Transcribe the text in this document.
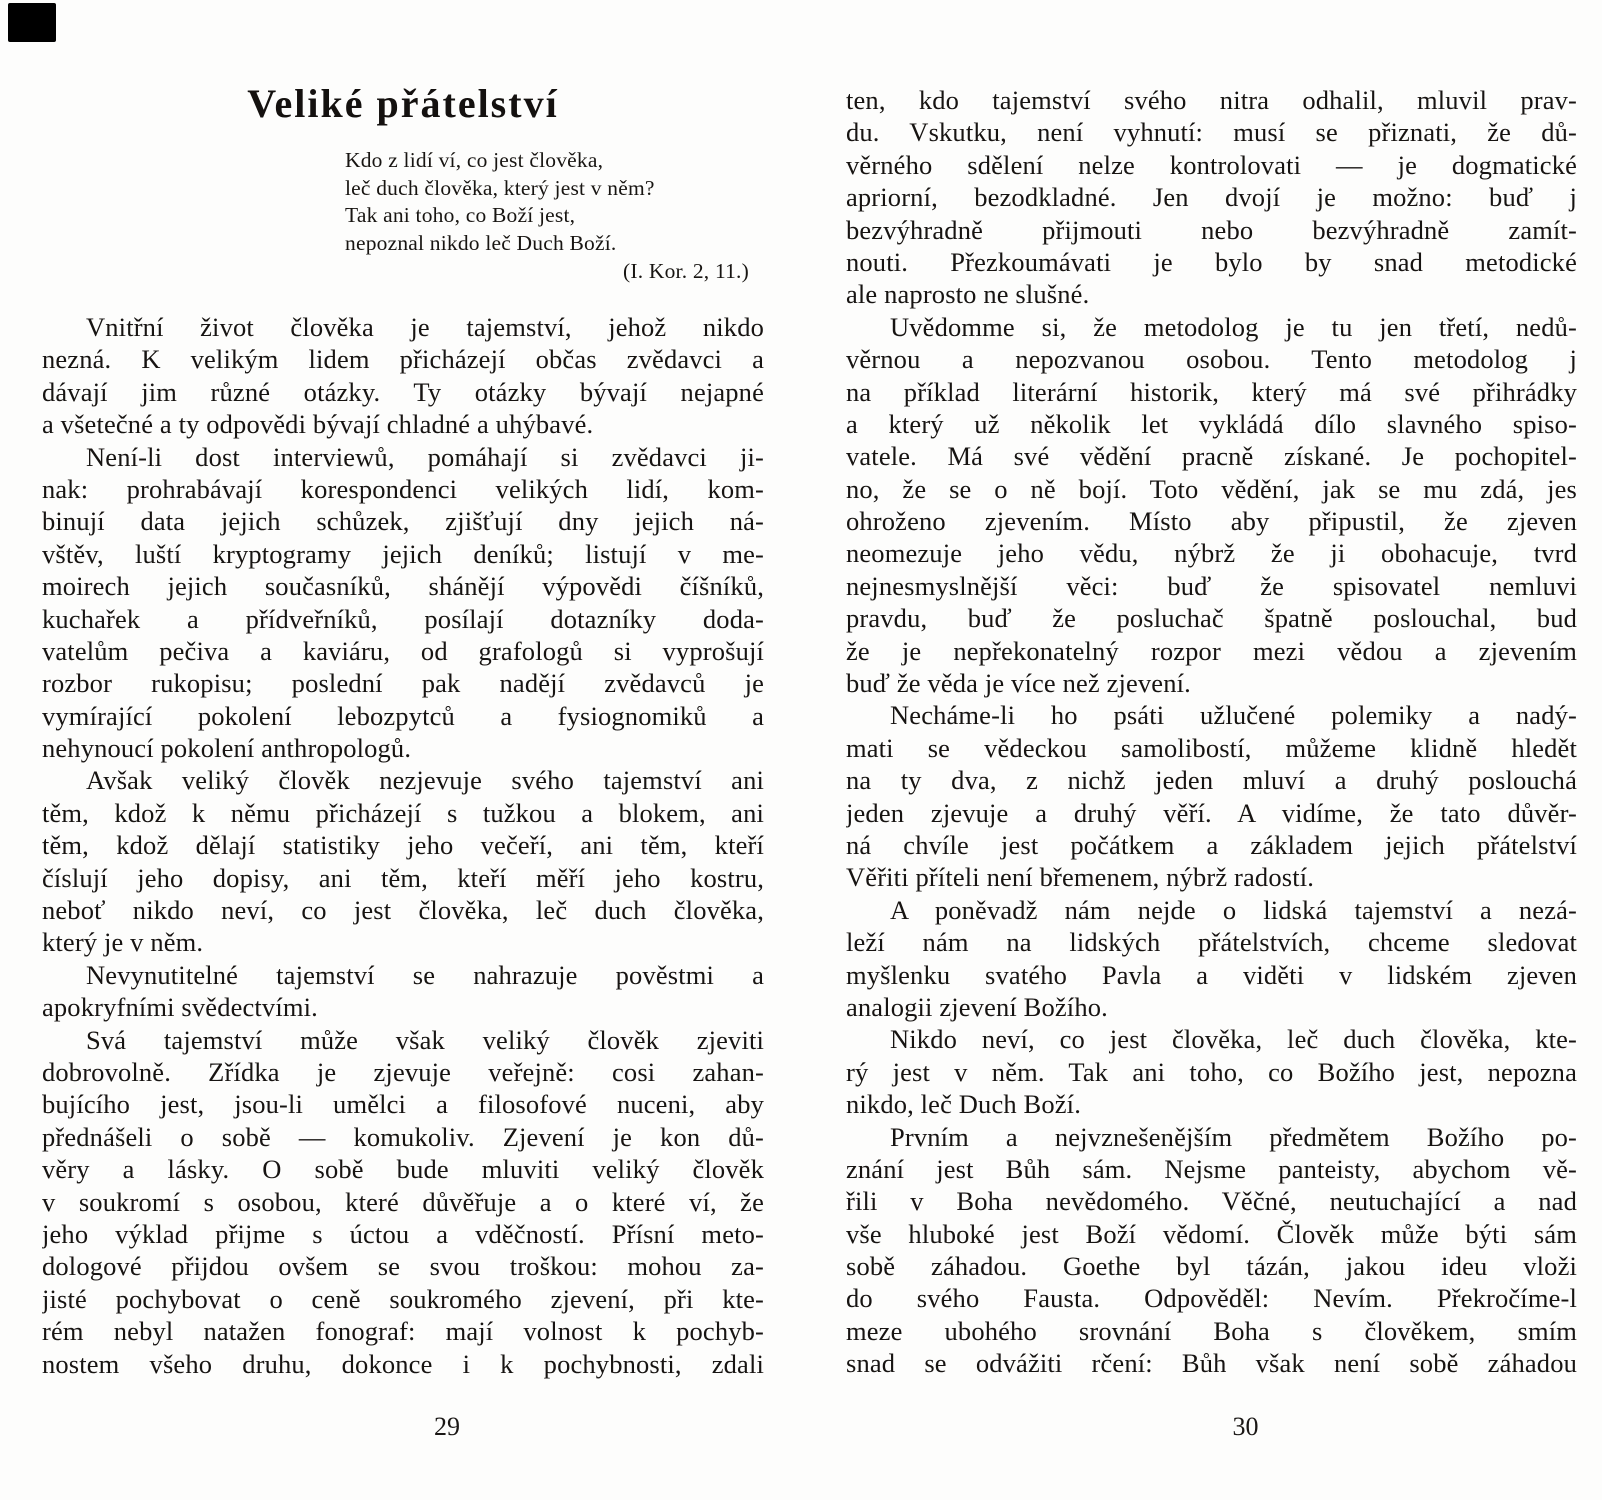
Veliké přátelství
Kdo z lidí ví, co jest člověka,
leč duch člověka, který jest v něm?
Tak ani toho, co Boží jest,
nepoznal nikdo leč Duch Boží.
(I. Kor. 2, 11.)
Vnitřní život člověka je tajemství, jehož nikdo
nezná. K velikým lidem přicházejí občas zvědavci a
dávají jim různé otázky. Ty otázky bývají nejapné
a všetečné a ty odpovědi bývají chladné a uhýbavé.
Není-li dost interviewů, pomáhají si zvědavci ji-
nak: prohrabávají korespondenci velikých lidí, kom-
binují data jejich schůzek, zjišťují dny jejich ná-
vštěv, luští kryptogramy jejich deníků; listují v me-
moirech jejich současníků, shánějí výpovědi číšníků,
kuchařek a přídveřníků, posílají dotazníky doda-
vatelům pečiva a kaviáru, od grafologů si vyprošují
rozbor rukopisu; poslední pak nadějí zvědavců je
vymírající pokolení lebozpytců a fysiognomiků a
nehynoucí pokolení anthropologů.
Avšak veliký člověk nezjevuje svého tajemství ani
těm, kdož k němu přicházejí s tužkou a blokem, ani
těm, kdož dělají statistiky jeho večeří, ani těm, kteří
číslují jeho dopisy, ani těm, kteří měří jeho kostru,
neboť nikdo neví, co jest člověka, leč duch člověka,
který je v něm.
Nevynutitelné tajemství se nahrazuje pověstmi a
apokryfními svědectvími.
Svá tajemství může však veliký člověk zjeviti
dobrovolně. Zřídka je zjevuje veřejně: cosi zahan-
bujícího jest, jsou-li umělci a filosofové nuceni, aby
přednášeli o sobě — komukoliv. Zjevení je kon dů-
věry a lásky. O sobě bude mluviti veliký člověk
v soukromí s osobou, které důvěřuje a o které ví, že
jeho výklad přijme s úctou a vděčností. Přísní meto-
dologové přijdou ovšem se svou troškou: mohou za-
jisté pochybovat o ceně soukromého zjevení, při kte-
rém nebyl natažen fonograf: mají volnost k pochyb-
nostem všeho druhu, dokonce i k pochybnosti, zdali
29
ten, kdo tajemství svého nitra odhalil, mluvil prav-
du. Vskutku, není vyhnutí: musí se přiznati, že dů-
věrného sdělení nelze kontrolovati — je dogmatické
apriorní, bezodkladné. Jen dvojí je možno: buď j
bezvýhradně přijmouti nebo bezvýhradně zamít-
nouti. Přezkoumávati je bylo by snad metodické
ale naprosto ne slušné.
Uvědomme si, že metodolog je tu jen třetí, nedů-
věrnou a nepozvanou osobou. Tento metodolog j
na příklad literární historik, který má své přihrádky
a který už několik let vykládá dílo slavného spiso-
vatele. Má své vědění pracně získané. Je pochopitel-
no, že se o ně bojí. Toto vědění, jak se mu zdá, jes
ohroženo zjevením. Místo aby připustil, že zjeven
neomezuje jeho vědu, nýbrž že ji obohacuje, tvrd
nejnesmyslnější věci: buď že spisovatel nemluvi
pravdu, buď že posluchač špatně poslouchal, bud
že je nepřekonatelný rozpor mezi vědou a zjevením
buď že věda je více než zjevení.
Necháme-li ho psáti užlučené polemiky a nadý-
mati se vědeckou samolibostí, můžeme klidně hledět
na ty dva, z nichž jeden mluví a druhý poslouchá
jeden zjevuje a druhý věří. A vidíme, že tato důvěr-
ná chvíle jest počátkem a základem jejich přátelství
Věřiti příteli není břemenem, nýbrž radostí.
A poněvadž nám nejde o lidská tajemství a nezá-
leží nám na lidských přátelstvích, chceme sledovat
myšlenku svatého Pavla a viděti v lidském zjeven
analogii zjevení Božího.
Nikdo neví, co jest člověka, leč duch člověka, kte-
rý jest v něm. Tak ani toho, co Božího jest, nepozna
nikdo, leč Duch Boží.
Prvním a nejvznešenějším předmětem Božího po-
znání jest Bůh sám. Nejsme panteisty, abychom vě-
řili v Boha nevědomého. Věčné, neutuchající a nad
vše hluboké jest Boží vědomí. Člověk může býti sám
sobě záhadou. Goethe byl tázán, jakou ideu vloži
do svého Fausta. Odpověděl: Nevím. Překročíme-l
meze ubohého srovnání Boha s člověkem, smím
snad se odvážiti rčení: Bůh však není sobě záhadou
30
